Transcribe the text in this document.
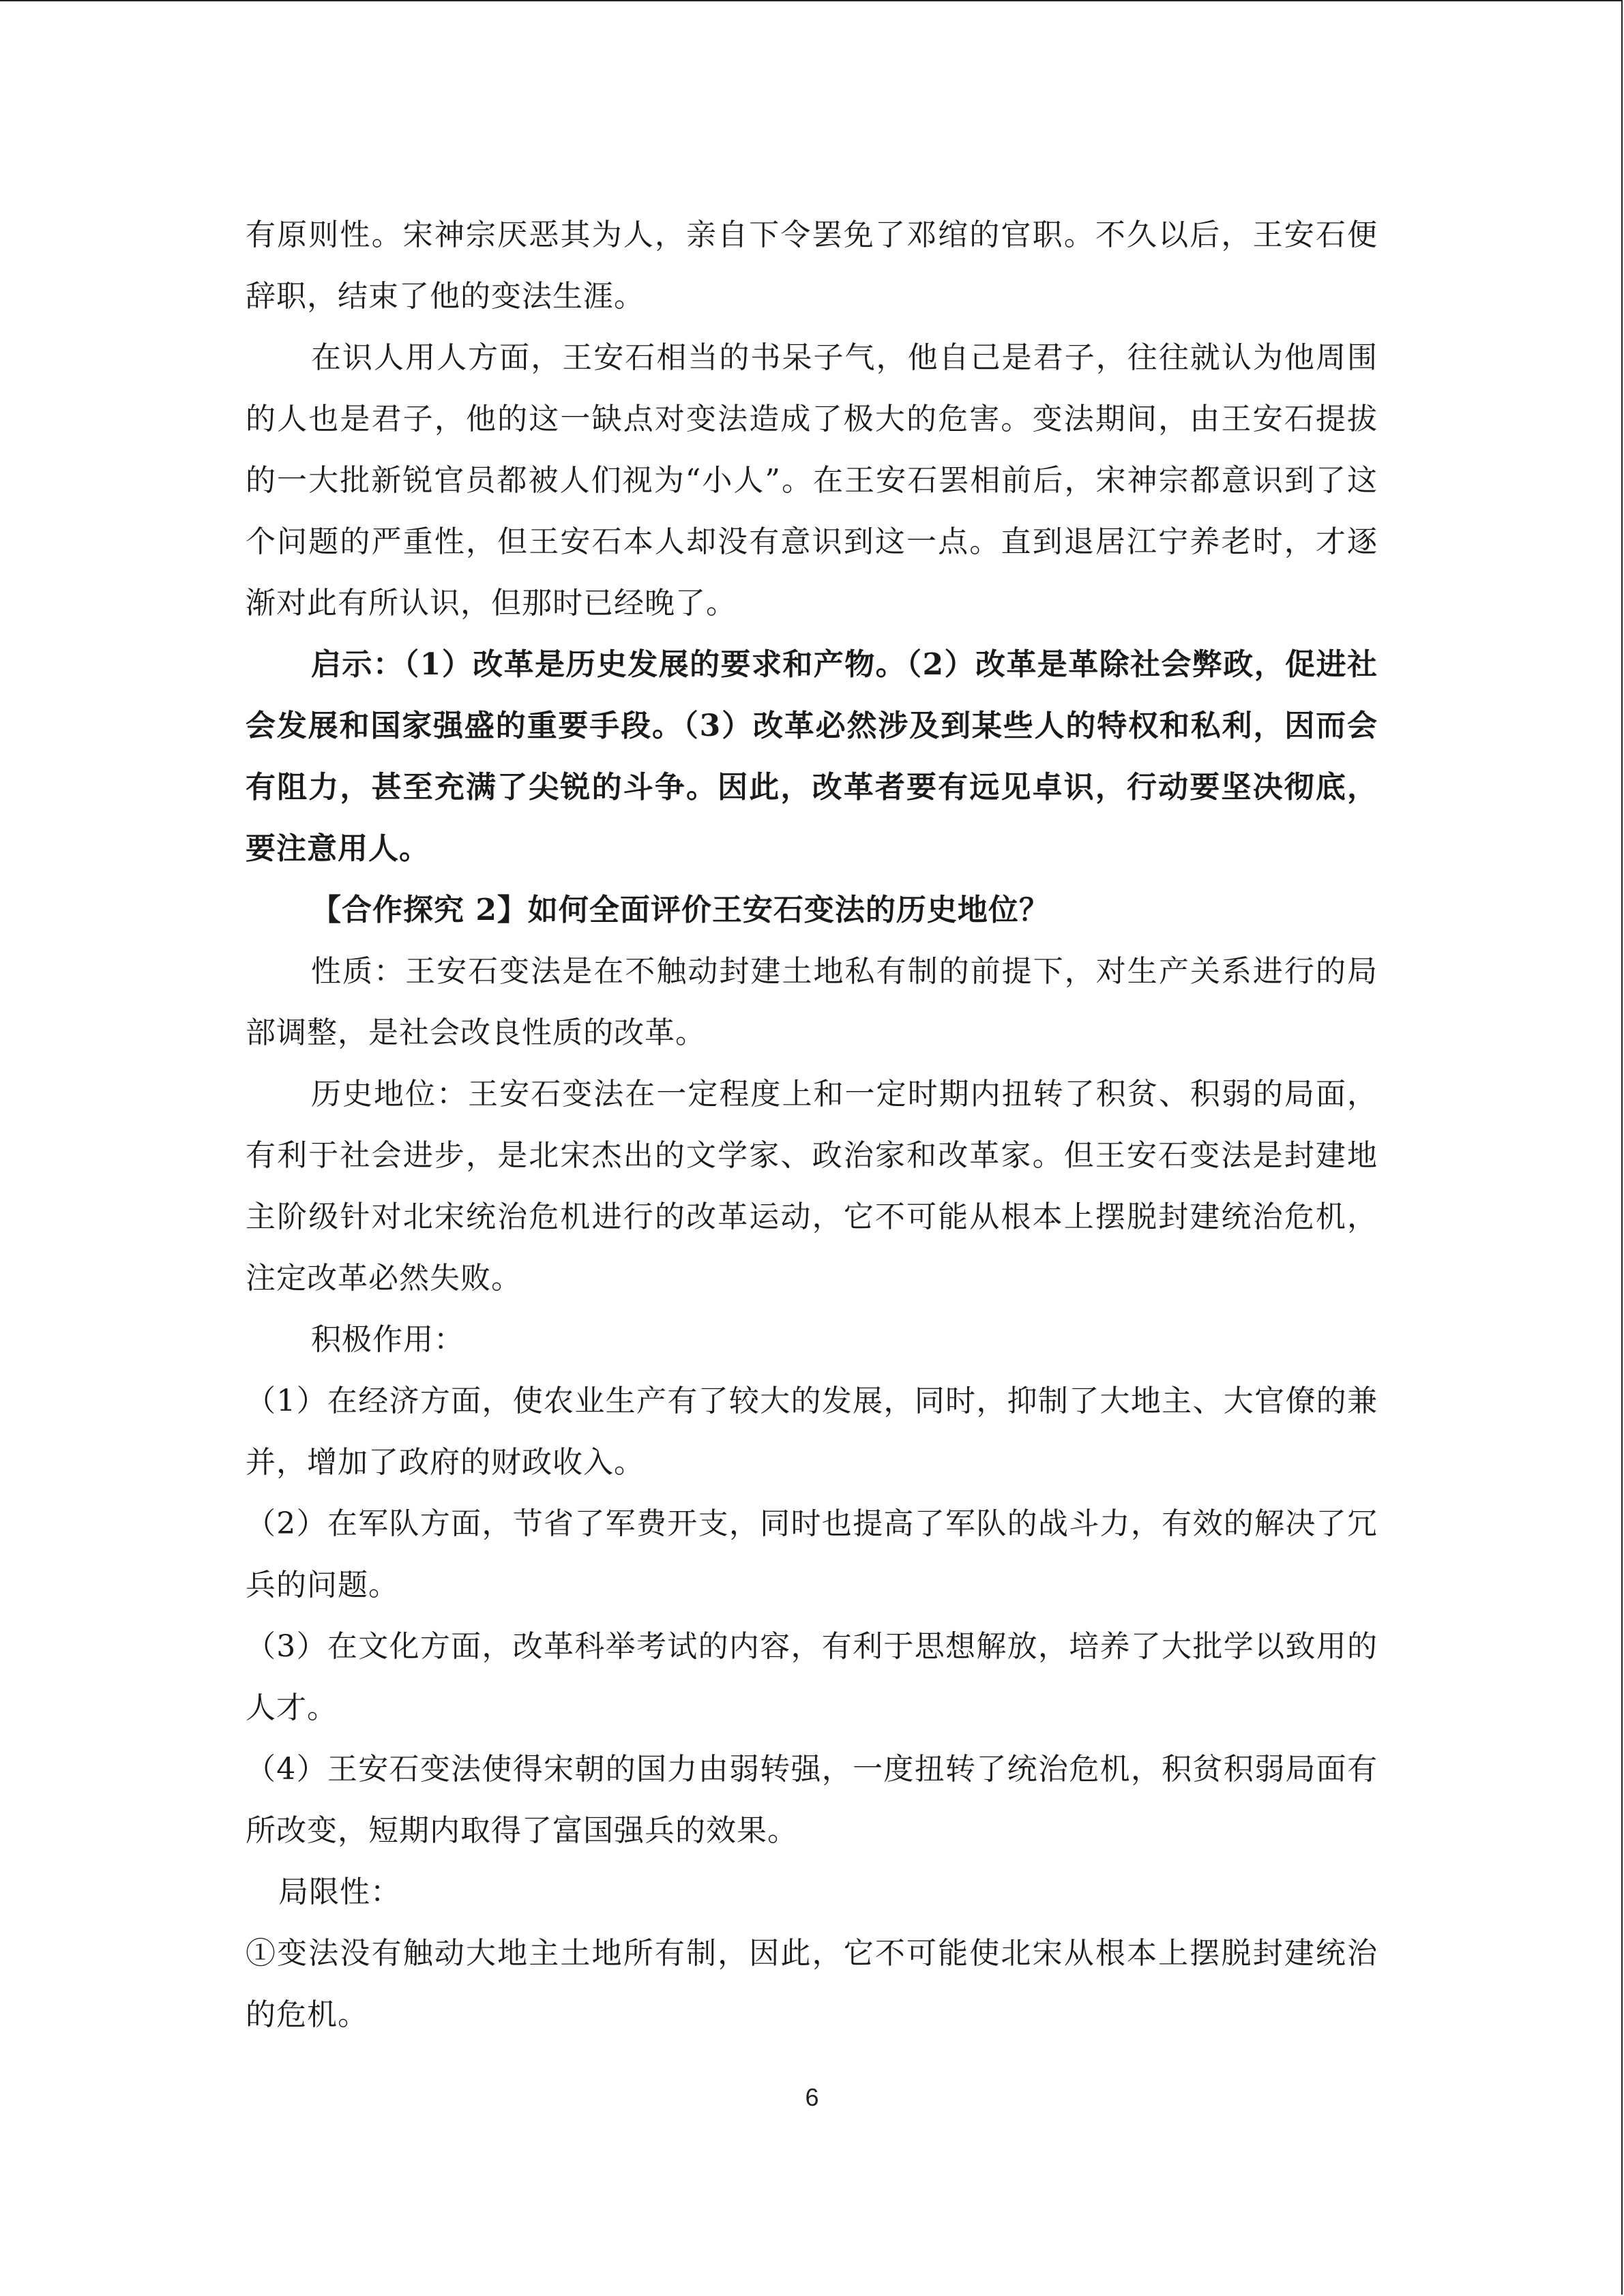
有原则性。宋神宗厌恶其为人，亲自下令罢免了邓绾的官职。不久以后，王安石便辞职，结束了他的变法生涯。

在识人用人方面，王安石相当的书呆子气，他自己是君子，往往就认为他周围的人也是君子，他的这一缺点对变法造成了极大的危害。变法期间，由王安石提拔的一大批新锐官员都被人们视为“小人”。在王安石罢相前后，宋神宗都意识到了这个问题的严重性，但王安石本人却没有意识到这一点。直到退居江宁养老时，才逐渐对此有所认识，但那时已经晚了。

启示：（1）改革是历史发展的要求和产物。（2）改革是革除社会弊政，促进社会发展和国家强盛的重要手段。（3）改革必然涉及到某些人的特权和私利，因而会有阻力，甚至充满了尖锐的斗争。因此，改革者要有远见卓识，行动要坚决彻底，要注意用人。

【合作探究 2】如何全面评价王安石变法的历史地位？

性质：王安石变法是在不触动封建土地私有制的前提下，对生产关系进行的局部调整，是社会改良性质的改革。

历史地位：王安石变法在一定程度上和一定时期内扭转了积贫、积弱的局面，有利于社会进步，是北宋杰出的文学家、政治家和改革家。但王安石变法是封建地主阶级针对北宋统治危机进行的改革运动，它不可能从根本上摆脱封建统治危机，注定改革必然失败。

积极作用：

（1）在经济方面，使农业生产有了较大的发展，同时，抑制了大地主、大官僚的兼并，增加了政府的财政收入。

（2）在军队方面，节省了军费开支，同时也提高了军队的战斗力，有效的解决了冗兵的问题。

（3）在文化方面，改革科举考试的内容，有利于思想解放，培养了大批学以致用的人才。

（4）王安石变法使得宋朝的国力由弱转强，一度扭转了统治危机，积贫积弱局面有所改变，短期内取得了富国强兵的效果。

局限性：

①变法没有触动大地主土地所有制，因此，它不可能使北宋从根本上摆脱封建统治的危机。

6
